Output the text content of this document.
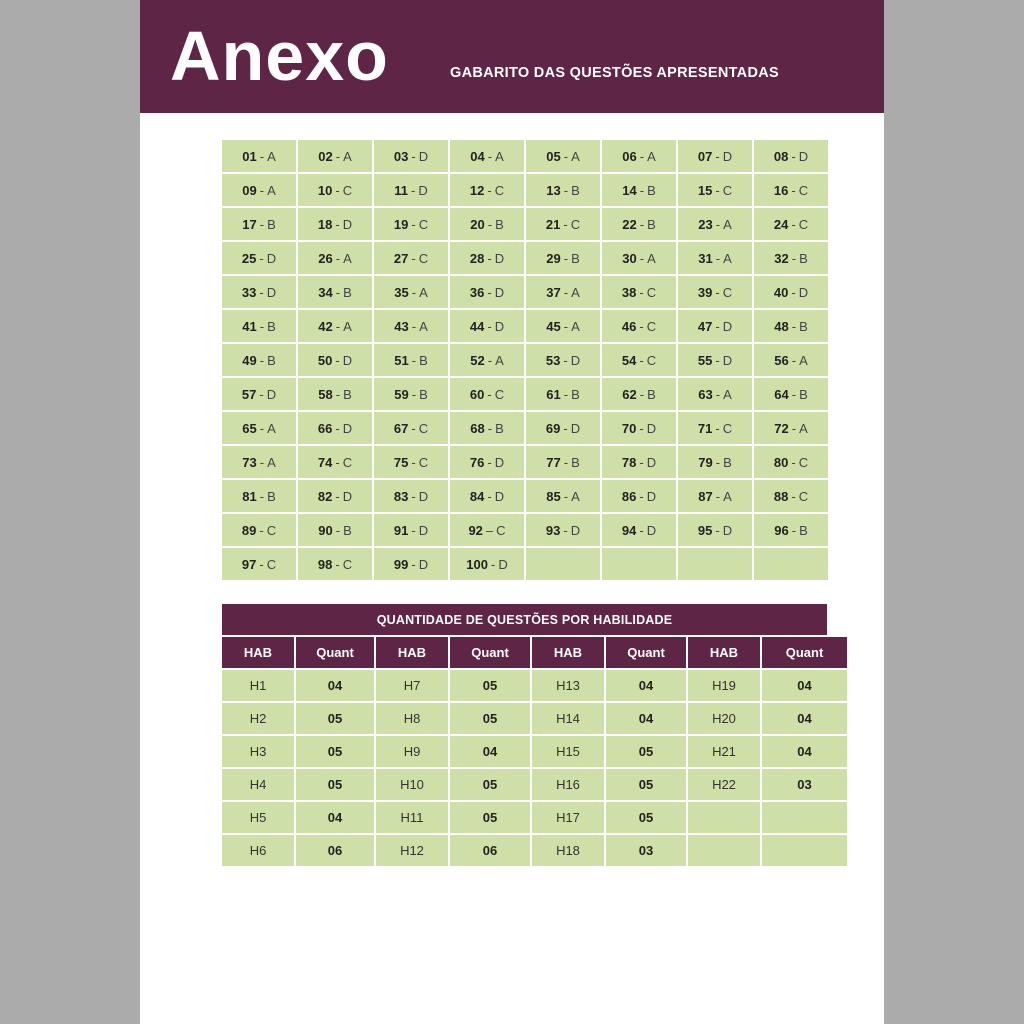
Anexo	GABARITO DAS QUESTÕES APRESENTADAS
01 - A	02 - A	03 - D	04 - A	05 - A	06 - A	07 - D	08 - D
09 - A	10 - C	11 - D	12 - C	13 - B	14 - B	15 - C	16 - C
17 - B	18 - D	19 - C	20 - B	21 - C	22 - B	23 - A	24 - C
25 - D	26 - A	27 - C	28 - D	29 - B	30 - A	31 - A	32 - B
33 - D	34 - B	35 - A	36 - D	37 - A	38 - C	39 - C	40 - D
41 - B	42 - A	43 - A	44 - D	45 - A	46 - C	47 - D	48 - B
49 - B	50 - D	51 - B	52 - A	53 - D	54 - C	55 - D	56 - A
57 - D	58 - B	59 - B	60 - C	61 - B	62 - B	63 - A	64 - B
65 - A	66 - D	67 - C	68 - B	69 - D	70 - D	71 - C	72 - A
73 - A	74 - C	75 - C	76 - D	77 - B	78 - D	79 - B	80 - C
81 - B	82 - D	83 - D	84 - D	85 - A	86 - D	87 - A	88 - C
89 - C	90 - B	91 - D	92 – C	93 - D	94 - D	95 - D	96 - B
97 - C	98 - C	99 - D	100 - D
QUANTIDADE DE QUESTÕES POR HABILIDADE
HAB	Quant	HAB	Quant	HAB	Quant	HAB	Quant
H1	04	H7	05	H13	04	H19	04
H2	05	H8	05	H14	04	H20	04
H3	05	H9	04	H15	05	H21	04
H4	05	H10	05	H16	05	H22	03
H5	04	H11	05	H17	05
H6	06	H12	06	H18	03
